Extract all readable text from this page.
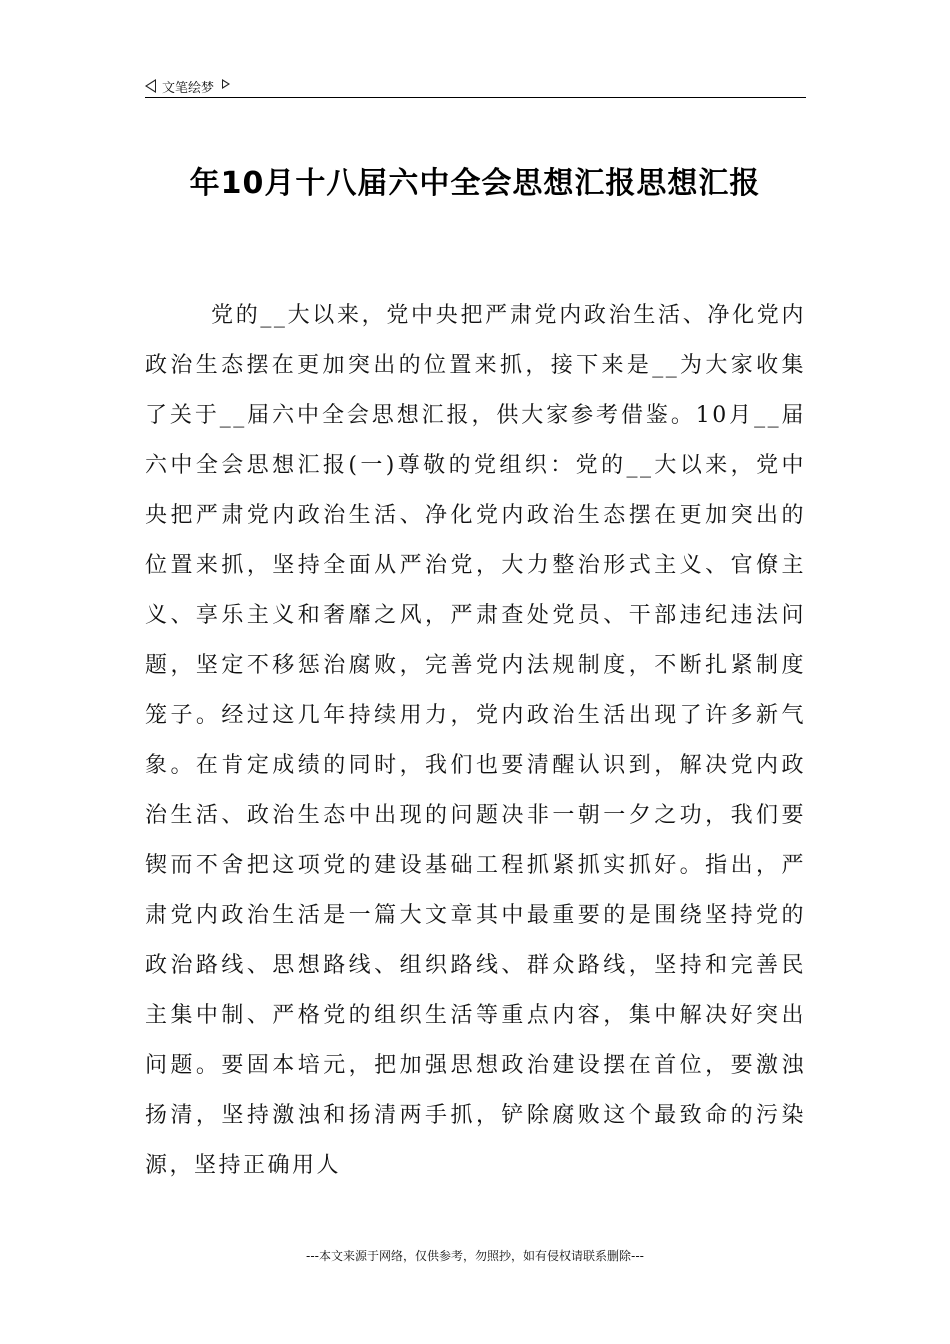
文笔绘梦
年10月十八届六中全会思想汇报思想汇报

党的__大以来，党中央把严肃党内政治生活、净化党内政治生态摆在更加突出的位置来抓，接下来是__为大家收集了关于__届六中全会思想汇报，供大家参考借鉴。10月__届六中全会思想汇报(一)尊敬的党组织：党的__大以来，党中央把严肃党内政治生活、净化党内政治生态摆在更加突出的位置来抓，坚持全面从严治党，大力整治形式主义、官僚主义、享乐主义和奢靡之风，严肃查处党员、干部违纪违法问题，坚定不移惩治腐败，完善党内法规制度，不断扎紧制度笼子。经过这几年持续用力，党内政治生活出现了许多新气象。在肯定成绩的同时，我们也要清醒认识到，解决党内政治生活、政治生态中出现的问题决非一朝一夕之功，我们要锲而不舍把这项党的建设基础工程抓紧抓实抓好。指出，严肃党内政治生活是一篇大文章其中最重要的是围绕坚持党的政治路线、思想路线、组织路线、群众路线，坚持和完善民主集中制、严格党的组织生活等重点内容，集中解决好突出问题。要固本培元，把加强思想政治建设摆在首位，要激浊扬清，坚持激浊和扬清两手抓，铲除腐败这个最致命的污染源，坚持正确用人

---本文来源于网络，仅供参考，勿照抄，如有侵权请联系删除---
